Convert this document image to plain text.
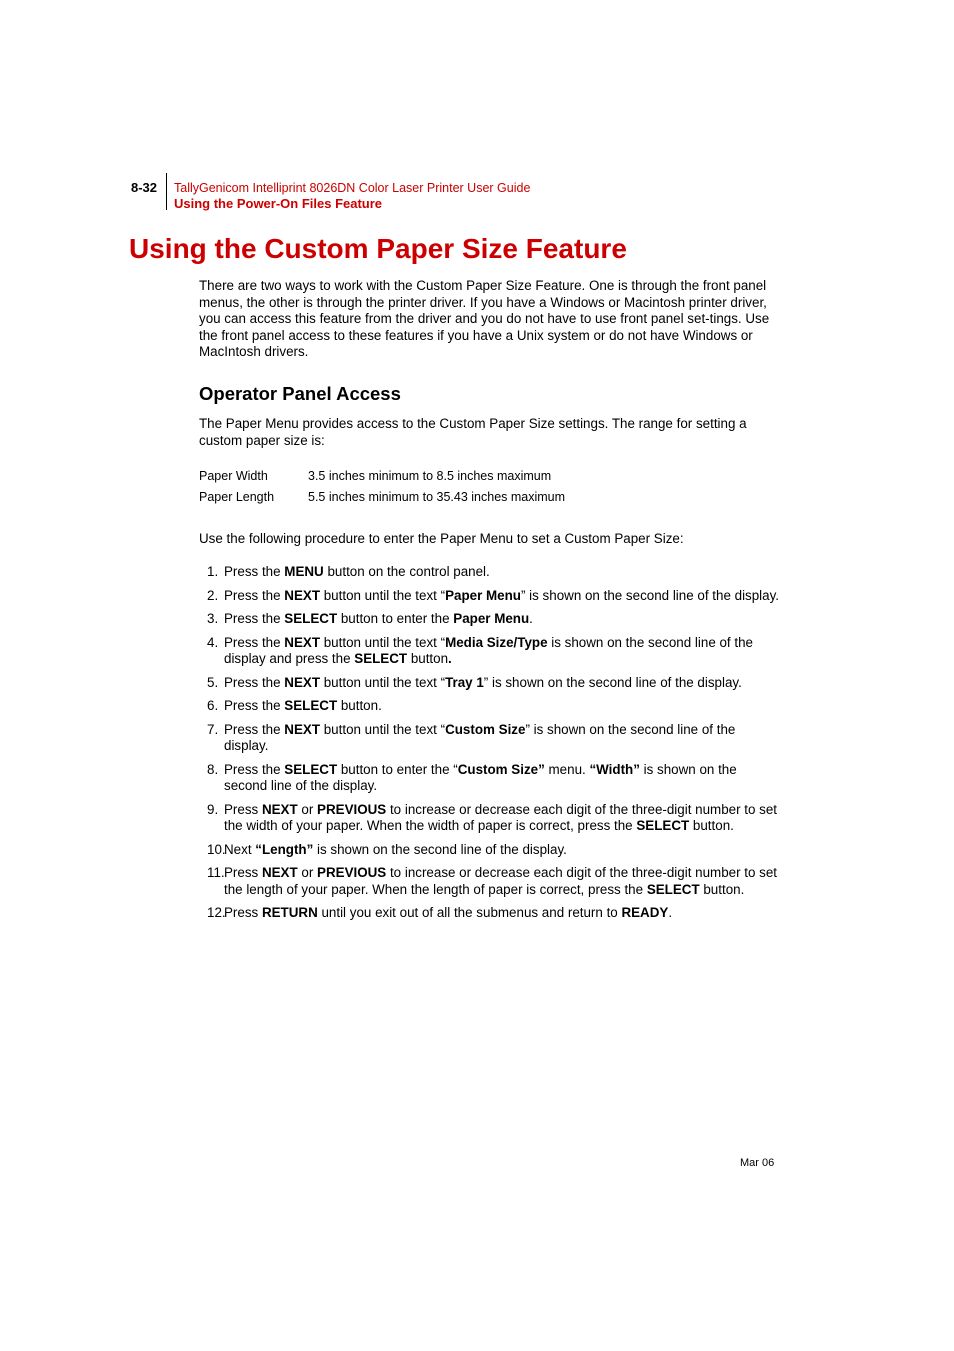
8-32 TallyGenicom Intelliprint 8026DN Color Laser Printer User Guide
Using the Power-On Files Feature
Using the Custom Paper Size Feature

There are two ways to work with the Custom Paper Size Feature. One is through the front panel menus, the other is through the printer driver. If you have a Windows or Macintosh printer driver, you can access this feature from the driver and you do not have to use front panel set-tings. Use the front panel access to these features if you have a Unix system or do not have Windows or MacIntosh drivers.

Operator Panel Access

The Paper Menu provides access to the Custom Paper Size settings. The range for setting a custom paper size is:

Paper Width	3.5 inches minimum to 8.5 inches maximum
Paper Length	5.5 inches minimum to 35.43 inches maximum

Use the following procedure to enter the Paper Menu to set a Custom Paper Size:

1. Press the MENU button on the control panel.
2. Press the NEXT button until the text “Paper Menu” is shown on the second line of the display.
3. Press the SELECT button to enter the Paper Menu.
4. Press the NEXT button until the text “Media Size/Type is shown on the second line of the display and press the SELECT button.
5. Press the NEXT button until the text “Tray 1” is shown on the second line of the display.
6. Press the SELECT button.
7. Press the NEXT button until the text “Custom Size” is shown on the second line of the display.
8. Press the SELECT button to enter the “Custom Size” menu. “Width” is shown on the second line of the display.
9. Press NEXT or PREVIOUS to increase or decrease each digit of the three-digit number to set the width of your paper. When the width of paper is correct, press the SELECT button.
10.
Next “Length” is shown on the second line of the display.
11. Press NEXT or PREVIOUS to increase or decrease each digit of the three-digit number to set the length of your paper. When the length of paper is correct, press the SELECT button.
12.
Press RETURN until you exit out of all the submenus and return to READY.
Mar 06
